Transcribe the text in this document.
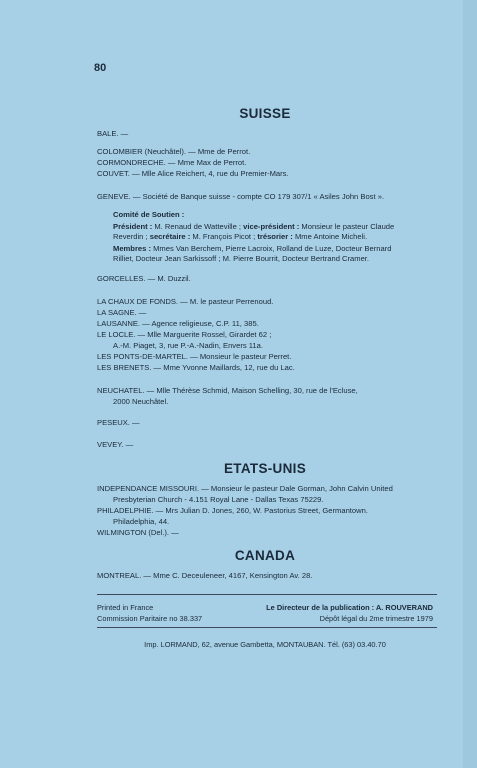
80
SUISSE
BALE. —
COLOMBIER (Neuchâtel). — Mme de Perrot.
CORMONDRECHE. — Mme Max de Perrot.
COUVET. — Mlle Alice Reichert, 4, rue du Premier-Mars.
GENEVE. — Société de Banque suisse - compte CO 179 307/1 « Asiles John Bost ».
Comité de Soutien :
Président : M. Renaud de Watteville ; vice-président : Monsieur le pasteur Claude
Reverdin ; secrétaire : M. François Picot ; trésorier : Mme Antoine Micheli.
Membres : Mmes Van Berchem, Pierre Lacroix, Rolland de Luze, Docteur Bernard
Rilliet, Docteur Jean Sarkissoff ; M. Pierre Bourrit, Docteur Bertrand Cramer.
GORCELLES. — M. Duzzil.
LA CHAUX DE FONDS. — M. le pasteur Perrenoud.
LA SAGNE. —
LAUSANNE. — Agence religieuse, C.P. 11, 385.
LE LOCLE. — Mlle Marguerite Rossel, Girardet 62 ;
A.-M. Piaget, 3, rue P.-A.-Nadin, Envers 11a.
LES PONTS-DE-MARTEL. — Monsieur le pasteur Perret.
LES BRENETS. — Mme Yvonne Maillards, 12, rue du Lac.
NEUCHATEL. — Mlle Thérèse Schmid, Maison Schelling, 30, rue de l'Ecluse,
2000 Neuchâtel.
PESEUX. —
VEVEY. —
ETATS-UNIS
INDEPENDANCE MISSOURI. — Monsieur le pasteur Dale Gorman, John Calvin United
Presbyterian Church - 4.151 Royal Lane - Dallas Texas 75229.
PHILADELPHIE. — Mrs Julian D. Jones, 260, W. Pastorius Street, Germantown.
Philadelphia, 44.
WILMINGTON (Del.). —
CANADA
MONTREAL. — Mme C. Deceuleneer, 4167, Kensington Av. 28.
Printed in France
Commission Paritaire no 38.337
Le Directeur de la publication : A. ROUVERAND
Dépôt légal du 2me trimestre 1979
Imp. LORMAND, 62, avenue Gambetta, MONTAUBAN. Tél. (63) 03.40.70
